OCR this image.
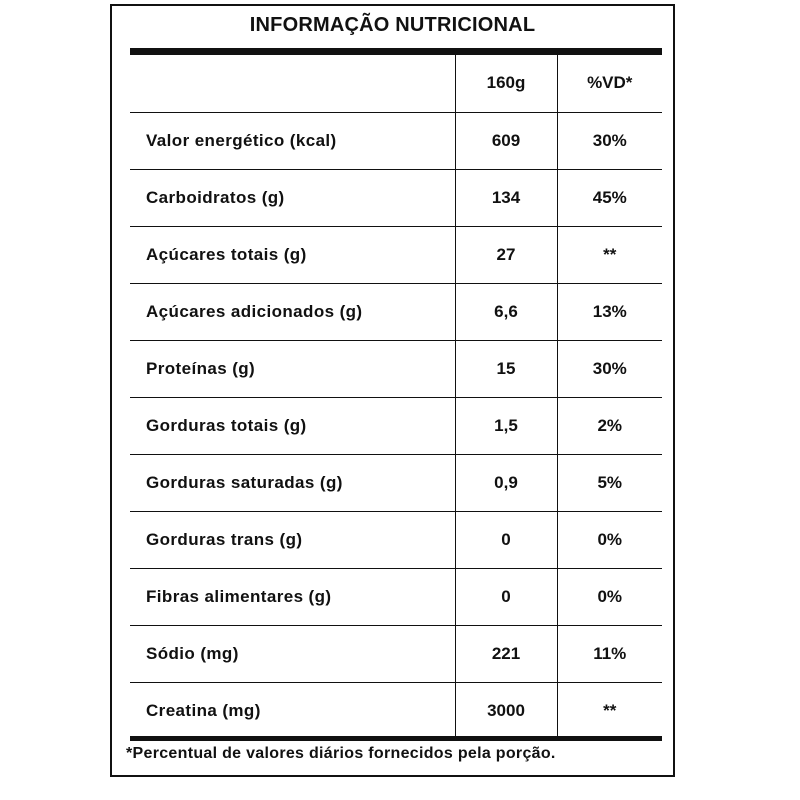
INFORMAÇÃO NUTRICIONAL
	160g	%VD*
Valor energético (kcal)	609	30%
Carboidratos (g)	134	45%
Açúcares totais (g)	27	**
Açúcares adicionados (g)	6,6	13%
Proteínas (g)	15	30%
Gorduras totais (g)	1,5	2%
Gorduras saturadas (g)	0,9	5%
Gorduras trans (g)	0	0%
Fibras alimentares (g)	0	0%
Sódio (mg)	221	11%
Creatina (mg)	3000	**
*Percentual de valores diários fornecidos pela porção.
